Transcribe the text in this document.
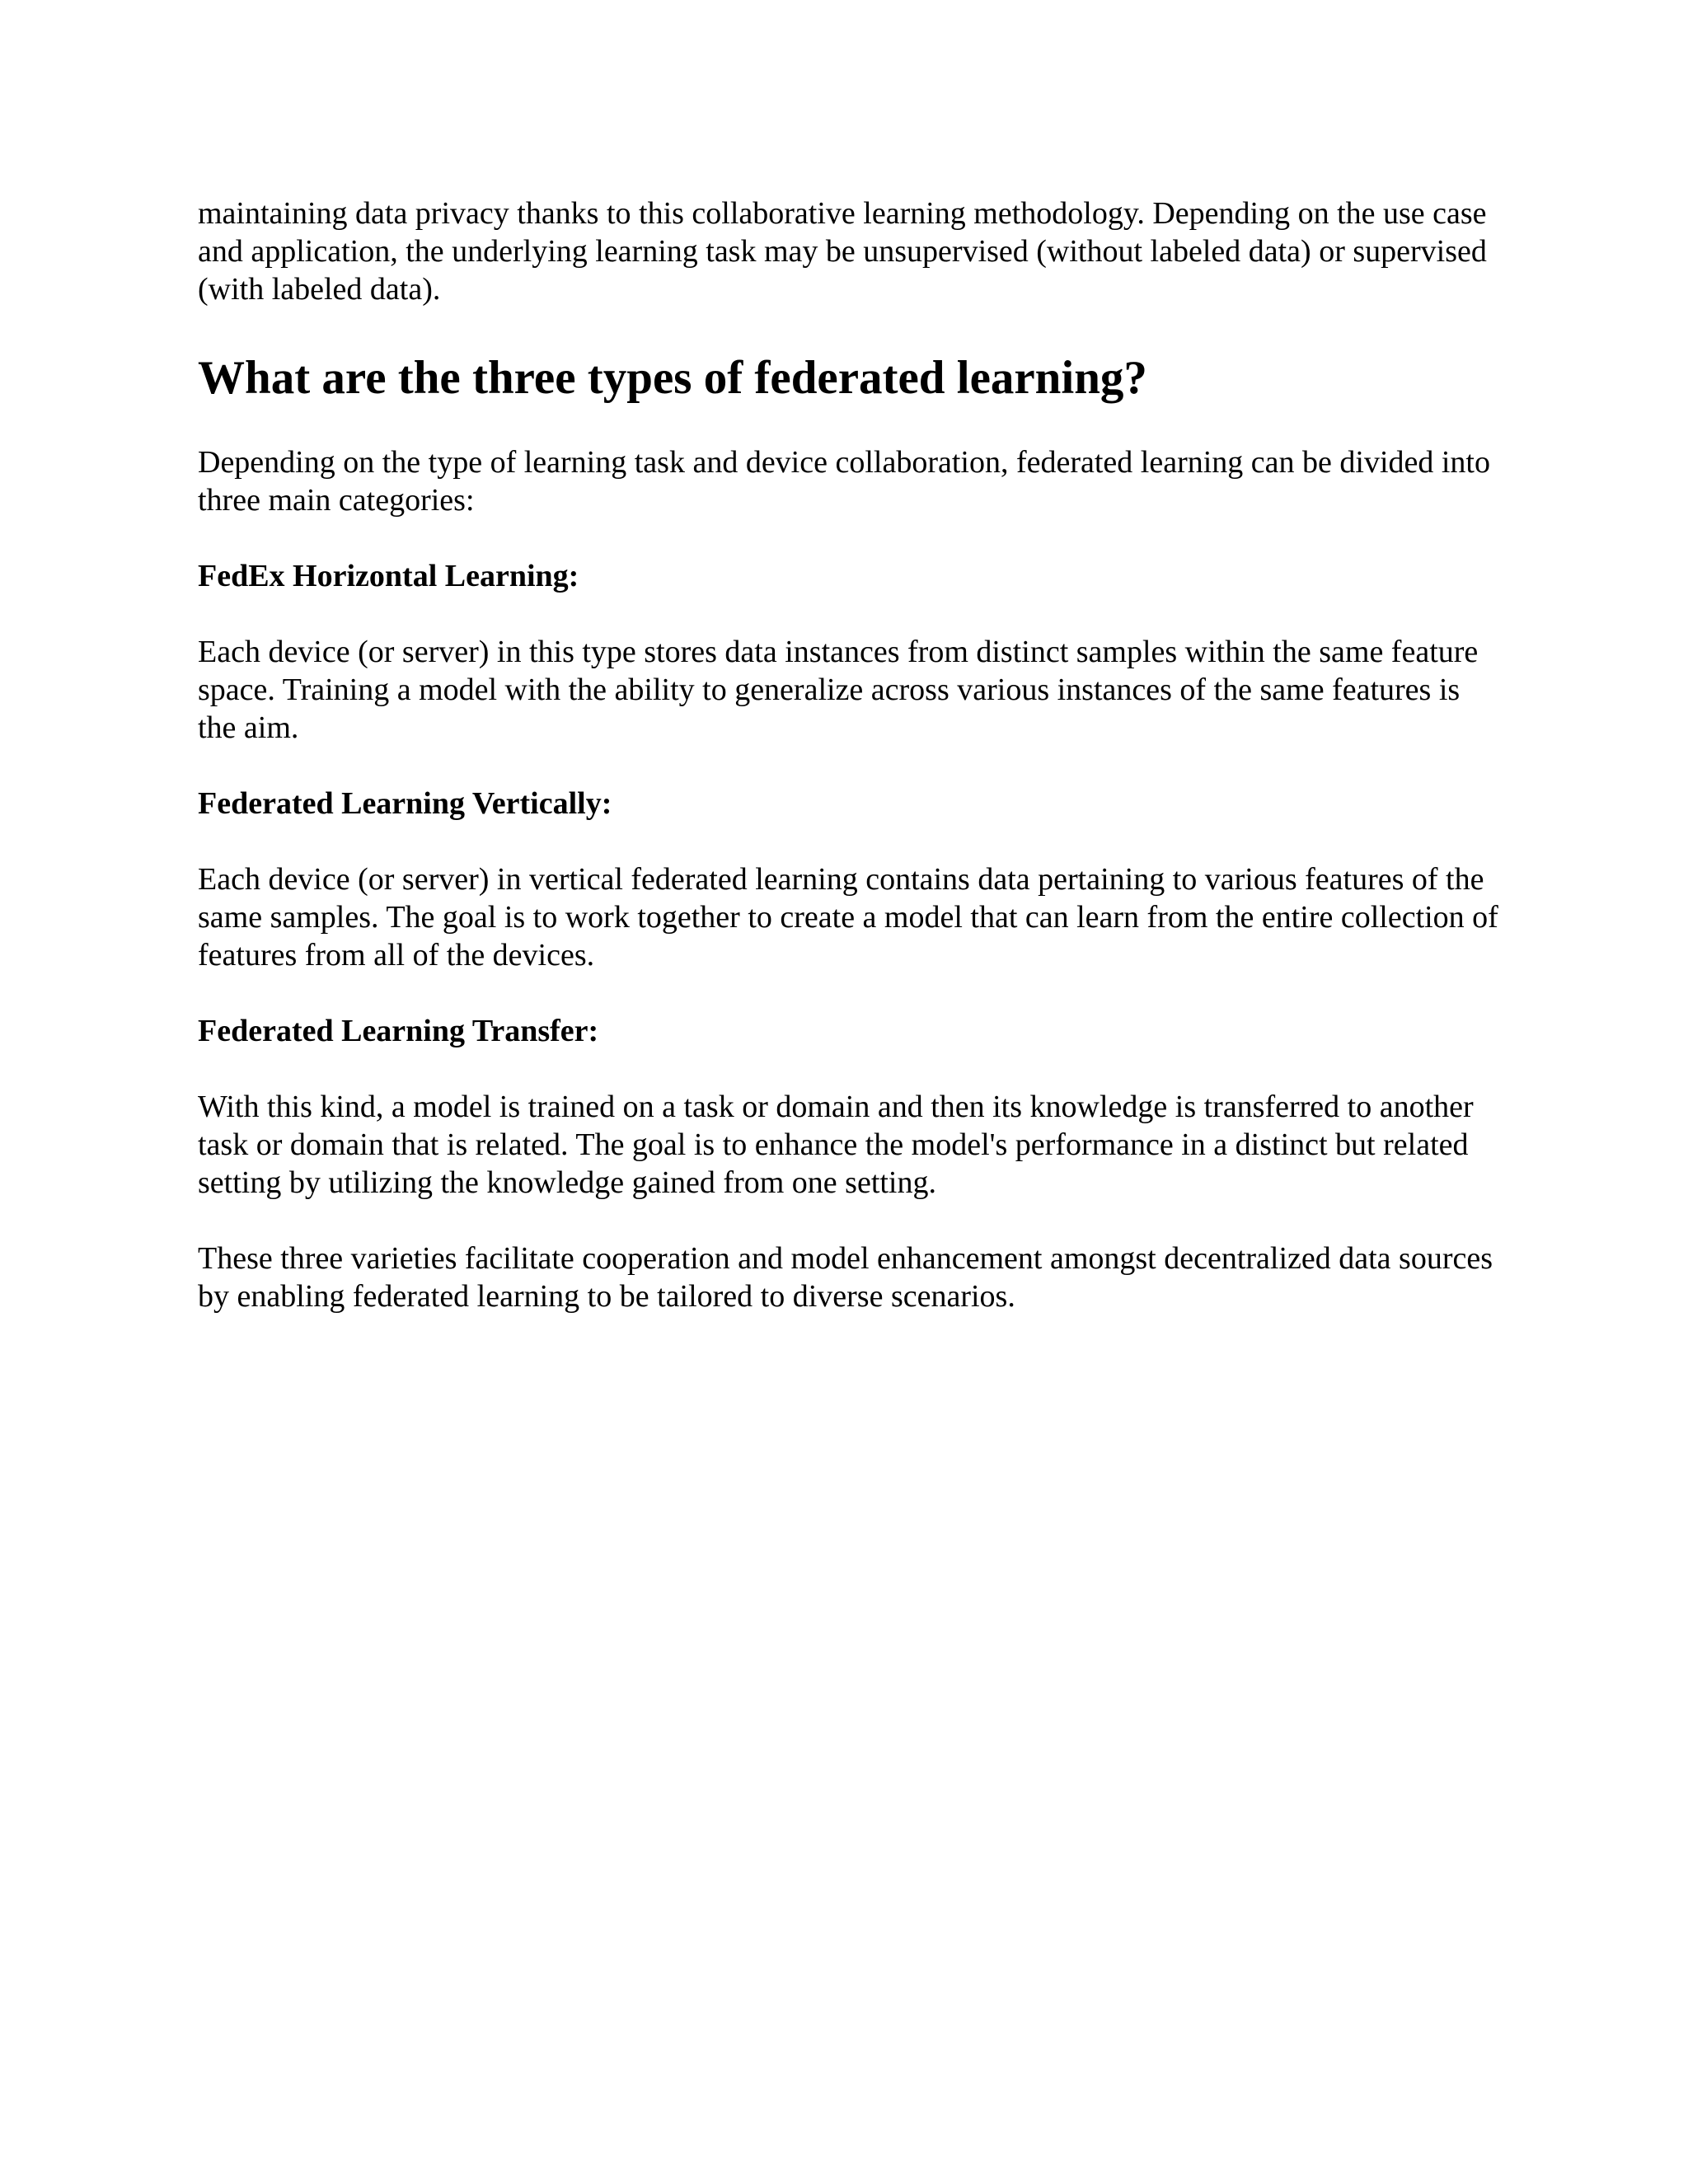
maintaining data privacy thanks to this collaborative learning methodology. Depending on the use case and application, the underlying learning task may be unsupervised (without labeled data) or supervised (with labeled data).

What are the three types of federated learning?

Depending on the type of learning task and device collaboration, federated learning can be divided into three main categories:

FedEx Horizontal Learning:

Each device (or server) in this type stores data instances from distinct samples within the same feature space. Training a model with the ability to generalize across various instances of the same features is the aim.

Federated Learning Vertically:

Each device (or server) in vertical federated learning contains data pertaining to various features of the same samples. The goal is to work together to create a model that can learn from the entire collection of features from all of the devices.

Federated Learning Transfer:

With this kind, a model is trained on a task or domain and then its knowledge is transferred to another task or domain that is related. The goal is to enhance the model's performance in a distinct but related setting by utilizing the knowledge gained from one setting.

These three varieties facilitate cooperation and model enhancement amongst decentralized data sources by enabling federated learning to be tailored to diverse scenarios.
